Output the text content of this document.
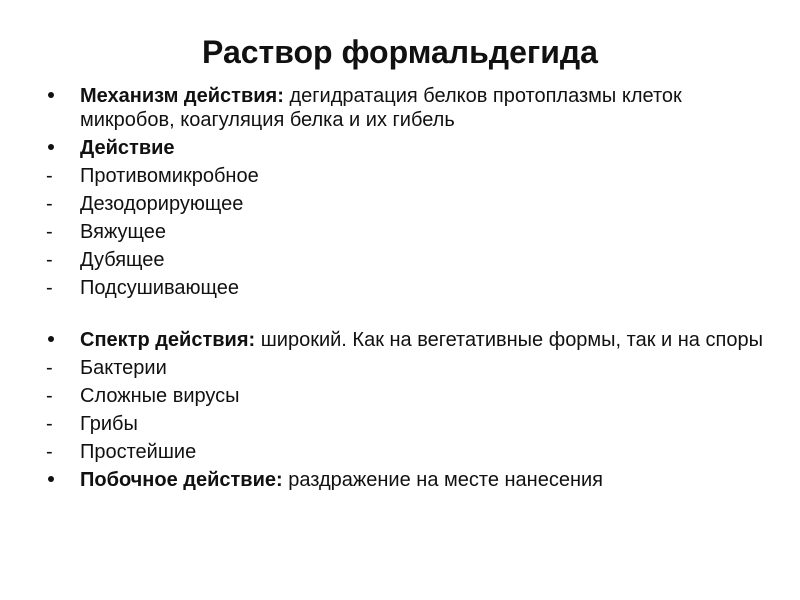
Раствор формальдегида
Механизм действия: дегидратация белков протоплазмы клеток микробов, коагуляция белка и их гибель
Действие
-	Противомикробное
-	Дезодорирующее
-	Вяжущее
-	Дубящее
-	Подсушивающее
Спектр действия: широкий. Как на вегетативные формы, так и на споры
-	Бактерии
-	Сложные вирусы
-	Грибы
-	Простейшие
Побочное действие: раздражение на месте нанесения
